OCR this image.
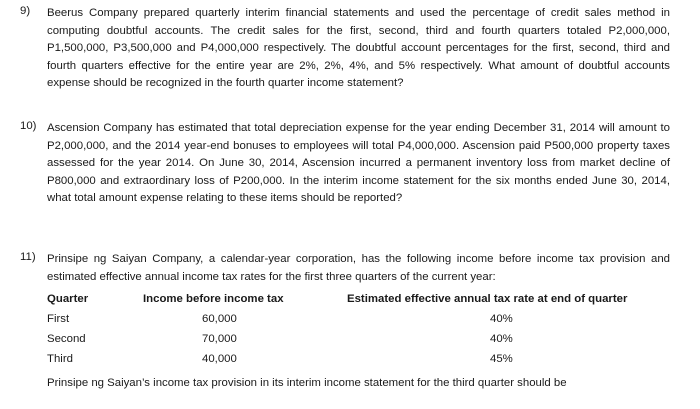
9) Beerus Company prepared quarterly interim financial statements and used the percentage of credit sales method in computing doubtful accounts. The credit sales for the first, second, third and fourth quarters totaled P2,000,000, P1,500,000, P3,500,000 and P4,000,000 respectively. The doubtful account percentages for the first, second, third and fourth quarters effective for the entire year are 2%, 2%, 4%, and 5% respectively. What amount of doubtful accounts expense should be recognized in the fourth quarter income statement?
10) Ascension Company has estimated that total depreciation expense for the year ending December 31, 2014 will amount to P2,000,000, and the 2014 year-end bonuses to employees will total P4,000,000. Ascension paid P500,000 property taxes assessed for the year 2014. On June 30, 2014, Ascension incurred a permanent inventory loss from market decline of P800,000 and extraordinary loss of P200,000. In the interim income statement for the six months ended June 30, 2014, what total amount expense relating to these items should be reported?
11) Prinsipe ng Saiyan Company, a calendar-year corporation, has the following income before income tax provision and estimated effective annual income tax rates for the first three quarters of the current year:
Quarter	Income before income tax	Estimated effective annual tax rate at end of quarter
First	60,000	40%
Second	70,000	40%
Third	40,000	45%
Prinsipe ng Saiyan’s income tax provision in its interim income statement for the third quarter should be
